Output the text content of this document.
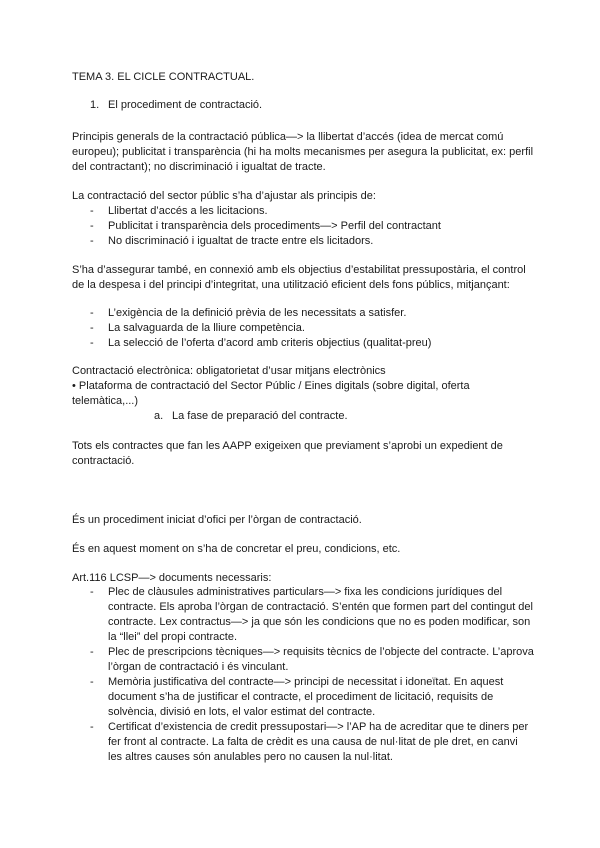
TEMA 3. EL CICLE CONTRACTUAL.

1. El procediment de contractació.

Principis generals de la contractació pública—> la llibertat d’accés (idea de mercat comú europeu); publicitat i transparència (hi ha molts mecanismes per asegura la publicitat, ex: perfil del contractant); no discriminació i igualtat de tracte.

La contractació del sector públic s’ha d’ajustar als principis de:

- Llibertat d’accés a les licitacions.
- Publicitat i transparència dels procediments—> Perfil del contractant
- No discriminació i igualtat de tracte entre els licitadors.

S’ha d’assegurar també, en connexió amb els objectius d’estabilitat pressupostària, el control de la despesa i del principi d’integritat, una utilització eficient dels fons públics, mitjançant:

- L’exigència de la definició prèvia de les necessitats a satisfer.
- La salvaguarda de la lliure competència.
- La selecció de l’oferta d’acord amb criteris objectius (qualitat-preu)

Contractació electrònica: obligatorietat d’usar mitjans electrònics

• Plataforma de contractació del Sector Públic / Eines digitals (sobre digital, oferta telemàtica,...)

a. La fase de preparació del contracte.

Tots els contractes que fan les AAPP exigeixen que previament s’aprobi un expedient de contractació.

És un procediment iniciat d’ofici per l’òrgan de contractació.

És en aquest moment on s’ha de concretar el preu, condicions, etc.

Art.116 LCSP—> documents necessaris:

- Plec de clàusules administratives particulars—> fixa les condicions jurídiques del contracte. Els aproba l’òrgan de contractació. S’entén que formen part del contingut del contracte. Lex contractus—> ja que són les condicions que no es poden modificar, son la “llei” del propi contracte.
- Plec de prescripcions tècniques—> requisits tècnics de l’objecte del contracte. L’aprova l’òrgan de contractació i és vinculant.
- Memòria justificativa del contracte—> principi de necessitat i idoneïtat. En aquest document s’ha de justificar el contracte, el procediment de licitació, requisits de solvència, divisió en lots, el valor estimat del contracte.
- Certificat d’existencia de credit pressupostari—> l’AP ha de acreditar que te diners per fer front al contracte. La falta de crèdit es una causa de nul·litat de ple dret, en canvi les altres causes són anulables pero no causen la nul·litat.
